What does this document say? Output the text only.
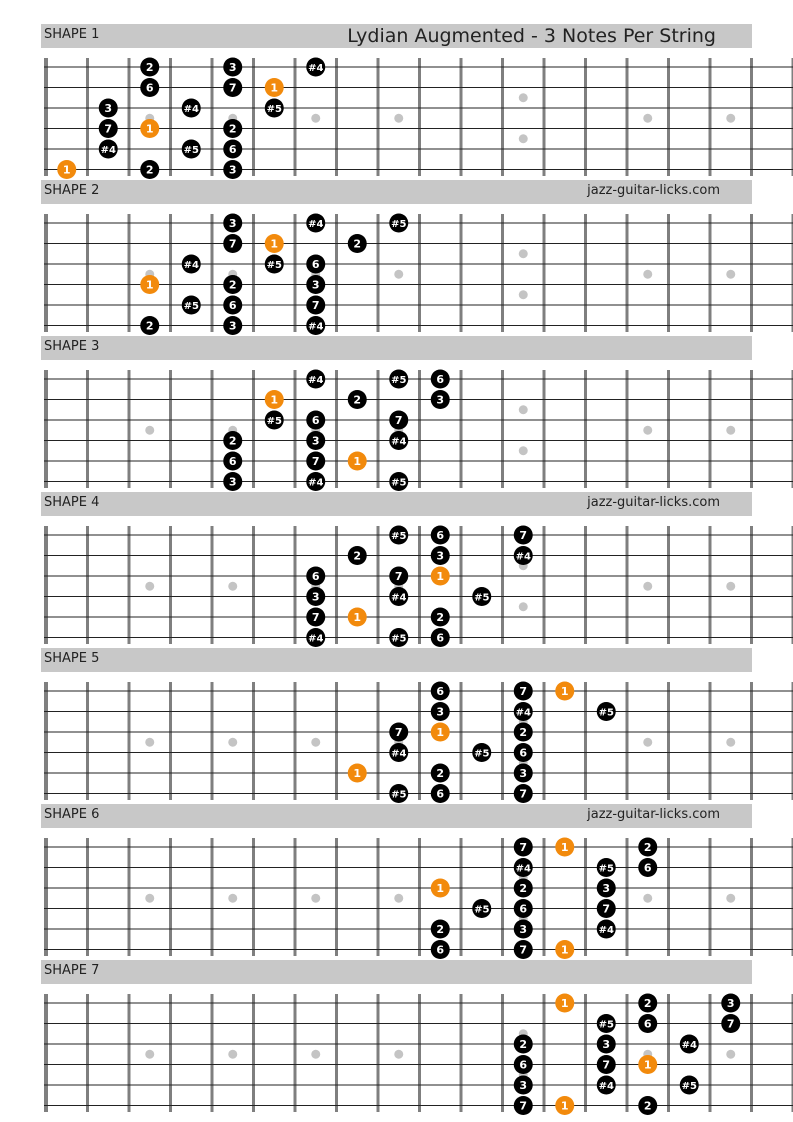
SHAPE 1	Lydian Augmented - 3 Notes Per String
1	2	3
#4	#5	6
7	1	2
3	#4	#5
6	7	1
2	3	#4
SHAPE 2	jazz-guitar-licks.com
2	3	#4
#5	6	7
1	2	3
#4	#5	6
7	1	2
3	#4	#5
SHAPE 3
3	#4	#5
6	7	1
2	3	#4
#5	6	7
1	2	3
#4	#5	6
SHAPE 4	jazz-guitar-licks.com
#4	#5	6
7	1	2
3	#4	#5
6	7	1
2	3	#4
#5	6	7
SHAPE 5
#5	6	7
1	2	3
#4	#5	6
7	1	2
3	#4	#5
6	7	1
SHAPE 6	jazz-guitar-licks.com
6	7	1
2	3	#4
#5	6	7
1	2	3
#4	#5	6
7	1	2
SHAPE 7
7	1	2
3	#4	#5
6	7	1
2	3	#4
#5	6	7
1	2	3
